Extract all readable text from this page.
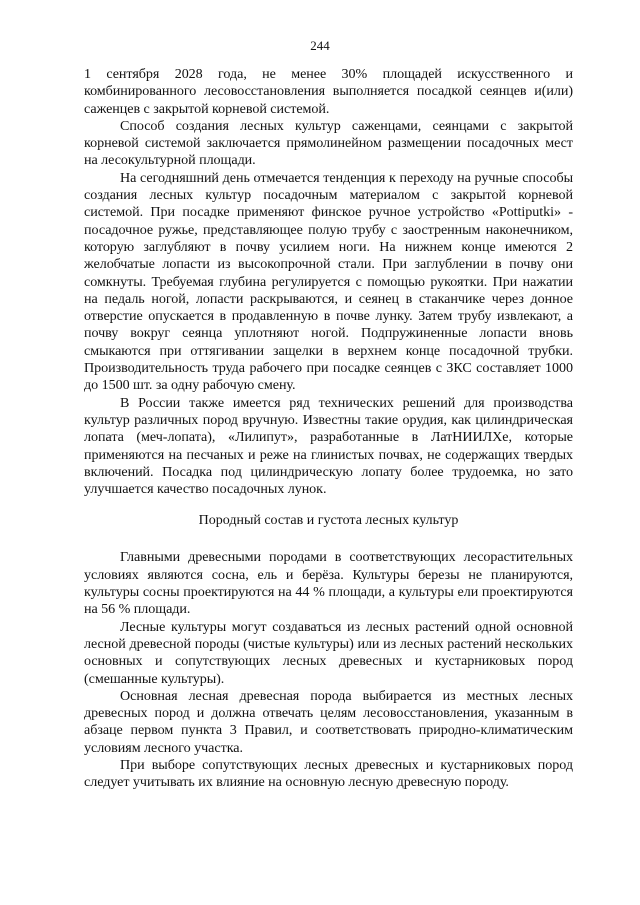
244

1 сентября 2028 года, не менее 30% площадей искусственного и комбинированного лесовосстановления выполняется посадкой сеянцев и(или) саженцев с закрытой корневой системой.

Способ создания лесных культур саженцами, сеянцами с закрытой корневой системой заключается прямолинейном размещении посадочных мест на лесокультурной площади.

На сегодняшний день отмечается тенденция к переходу на ручные способы создания лесных культур посадочным материалом с закрытой корневой системой. При посадке применяют финское ручное устройство «Pottiputki» - посадочное ружье, представляющее полую трубу с заостренным наконечником, которую заглубляют в почву усилием ноги. На нижнем конце имеются 2 желобчатые лопасти из высокопрочной стали. При заглублении в почву они сомкнуты. Требуемая глубина регулируется с помощью рукоятки. При нажатии на педаль ногой, лопасти раскрываются, и сеянец в стаканчике через донное отверстие опускается в продавленную в почве лунку. Затем трубу извлекают, а почву вокруг сеянца уплотняют ногой. Подпружиненные лопасти вновь смыкаются при оттягивании защелки в верхнем конце посадочной трубки. Производительность труда рабочего при посадке сеянцев с ЗКС составляет 1000 до 1500 шт. за одну рабочую смену.

В России также имеется ряд технических решений для производства культур различных пород вручную. Известны такие орудия, как цилиндрическая лопата (меч-лопата), «Лилипут», разработанные в ЛатНИИЛХе, которые применяются на песчаных и реже на глинистых почвах, не содержащих твердых включений. Посадка под цилиндрическую лопату более трудоемка, но зато улучшается качество посадочных лунок.

Породный состав и густота лесных культур

Главными древесными породами в соответствующих лесорастительных условиях являются сосна, ель и берёза. Культуры березы не планируются, культуры сосны проектируются на 44 % площади, а культуры ели проектируются на 56 % площади.

Лесные культуры могут создаваться из лесных растений одной основной лесной древесной породы (чистые культуры) или из лесных растений нескольких основных и сопутствующих лесных древесных и кустарниковых пород (смешанные культуры).

Основная лесная древесная порода выбирается из местных лесных древесных пород и должна отвечать целям лесовосстановления, указанным в абзаце первом пункта 3 Правил, и соответствовать природно-климатическим условиям лесного участка.

При выборе сопутствующих лесных древесных и кустарниковых пород следует учитывать их влияние на основную лесную древесную породу.
